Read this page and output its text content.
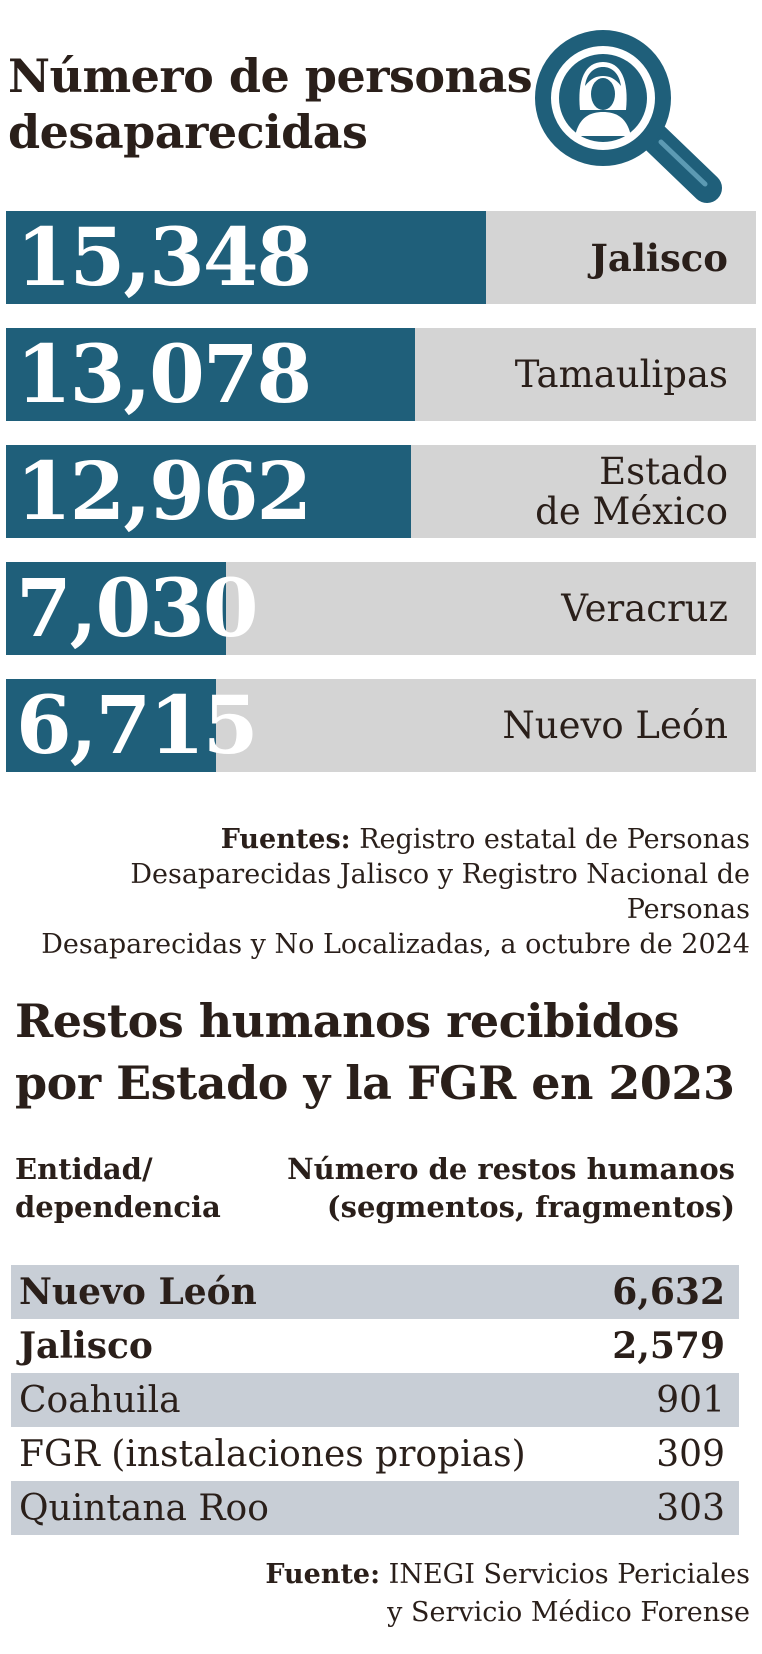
Número de personas
desaparecidas
15,348	Jalisco
13,078	Tamaulipas
12,962	Estado
de México
7,030	Veracruz
6,715	Nuevo León

Fuentes: Registro estatal de Personas
Desaparecidas Jalisco y Registro Nacional de Personas
Desaparecidas y No Localizadas, a octubre de 2024

Restos humanos recibidos
por Estado y la FGR en 2023
Entidad/
dependencia
Número de restos humanos
(segmentos, fragmentos)
Nuevo León	6,632
Jalisco	2,579
Coahuila	901
FGR (instalaciones propias)	309
Quintana Roo	303

Fuente: INEGI Servicios Periciales
y Servicio Médico Forense
